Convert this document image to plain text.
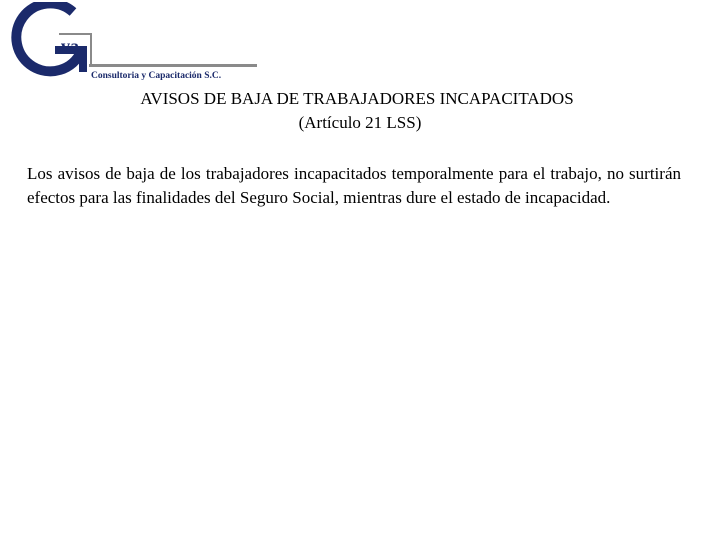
va
Consultoria y Capacitación S.C.
AVISOS DE BAJA DE TRABAJADORES INCAPACITADOS
(Artículo 21 LSS)

Los avisos de baja de los trabajadores incapacitados temporalmente para el trabajo, no surtirán efectos para las finalidades del Seguro Social, mientras dure el estado de incapacidad.
